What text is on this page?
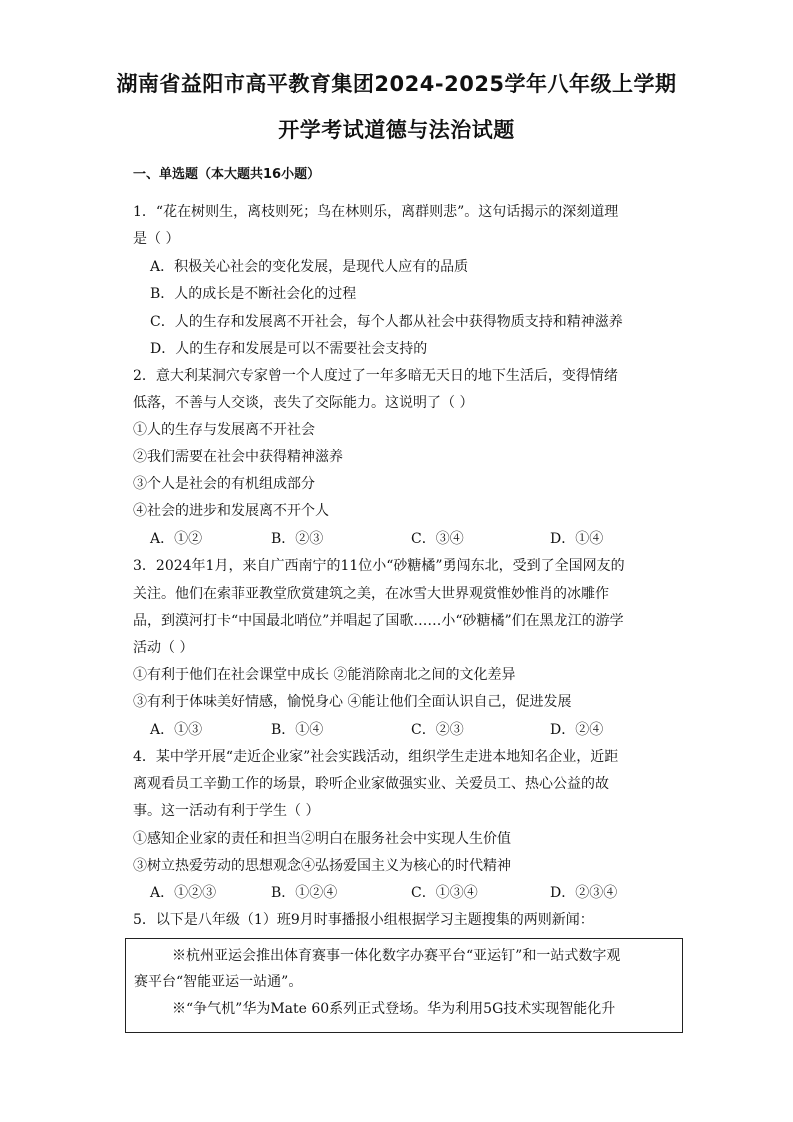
湖南省益阳市高平教育集团2024-2025学年八年级上学期
开学考试道德与法治试题
一、单选题（本大题共16小题）
1．“花在树则生，离枝则死；鸟在林则乐，离群则悲”。这句话揭示的深刻道理
是（ ）
A．积极关心社会的变化发展，是现代人应有的品质
B．人的成长是不断社会化的过程
C．人的生存和发展离不开社会，每个人都从社会中获得物质支持和精神滋养
D．人的生存和发展是可以不需要社会支持的
2．意大利某洞穴专家曾一个人度过了一年多暗无天日的地下生活后，变得情绪
低落，不善与人交谈，丧失了交际能力。这说明了（ ）
①人的生存与发展离不开社会
②我们需要在社会中获得精神滋养
③个人是社会的有机组成部分
④社会的进步和发展离不开个人
A．①②	B．②③	C．③④	D．①④
3．2024年1月，来自广西南宁的11位小“砂糖橘”勇闯东北，受到了全国网友的
关注。他们在索菲亚教堂欣赏建筑之美，在冰雪大世界观赏惟妙惟肖的冰雕作
品，到漠河打卡“中国最北哨位”并唱起了国歌……小“砂糖橘”们在黑龙江的游学
活动（ ）
①有利于他们在社会课堂中成长 ②能消除南北之间的文化差异
③有利于体味美好情感，愉悦身心 ④能让他们全面认识自己，促进发展
A．①③	B．①④	C．②③	D．②④
4．某中学开展“走近企业家”社会实践活动，组织学生走进本地知名企业，近距
离观看员工辛勤工作的场景，聆听企业家做强实业、关爱员工、热心公益的故
事。这一活动有利于学生（ ）
①感知企业家的责任和担当②明白在服务社会中实现人生价值
③树立热爱劳动的思想观念④弘扬爱国主义为核心的时代精神
A．①②③	B．①②④	C．①③④	D．②③④
5．以下是八年级（1）班9月时事播报小组根据学习主题搜集的两则新闻：
※杭州亚运会推出体育赛事一体化数字办赛平台“亚运钉”和一站式数字观
赛平台“智能亚运一站通”。
※“争气机”华为Mate 60系列正式登场。华为利用5G技术实现智能化升
